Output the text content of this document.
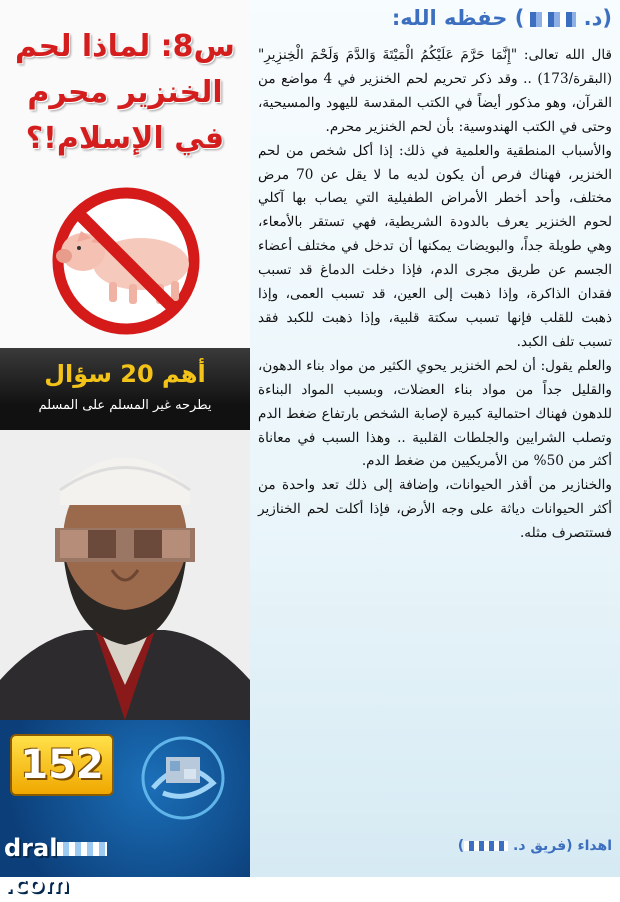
س8: لماذا لحم الخنزير محرم في الإسلام!؟
أهم 20 سؤال
يطرحه غير المسلم على المسلم
152
dral.com
(د. ) حفظه الله:

قال الله تعالى: "إِنَّمَا حَرَّمَ عَلَيْكُمُ الْمَيْتَةَ وَالدَّمَ وَلَحْمَ الْخِنزِيرِ" (البقرة/173) .. وقد ذكر تحريم لحم الخنزير في 4 مواضع من القرآن، وهو مذكور أيضاً في الكتب المقدسة لليهود والمسيحية، وحتى في الكتب الهندوسية: بأن لحم الخنزير محرم.

والأسباب المنطقية والعلمية في ذلك: إذا أكل شخص من لحم الخنزير، فهناك فرص أن يكون لديه ما لا يقل عن 70 مرض مختلف، وأحد أخطر الأمراض الطفيلية التي يصاب بها آكلي لحوم الخنزير يعرف بالدودة الشريطية، فهي تستقر بالأمعاء، وهي طويلة جداً، والبويضات يمكنها أن تدخل في مختلف أعضاء الجسم عن طريق مجرى الدم، فإذا دخلت الدماغ قد تسبب فقدان الذاكرة، وإذا ذهبت إلى العين، قد تسبب العمى، وإذا ذهبت للقلب فإنها تسبب سكتة قلبية، وإذا ذهبت للكبد فقد تسبب تلف الكبد.

والعلم يقول: أن لحم الخنزير يحوي الكثير من مواد بناء الدهون، والقليل جداً من مواد بناء العضلات، وبسبب المواد البناءة للدهون فهناك احتمالية كبيرة لإصابة الشخص بارتفاع ضغط الدم وتصلب الشرايين والجلطات القلبية .. وهذا السبب في معاناة أكثر من 50% من الأمريكيين من ضغط الدم.

والخنازير من أقذر الحيوانات، وإضافة إلى ذلك تعد واحدة من أكثر الحيوانات دياثة على وجه الأرض، فإذا أكلت لحم الخنازير فستتصرف مثله.

اهداء (فريق د. )
